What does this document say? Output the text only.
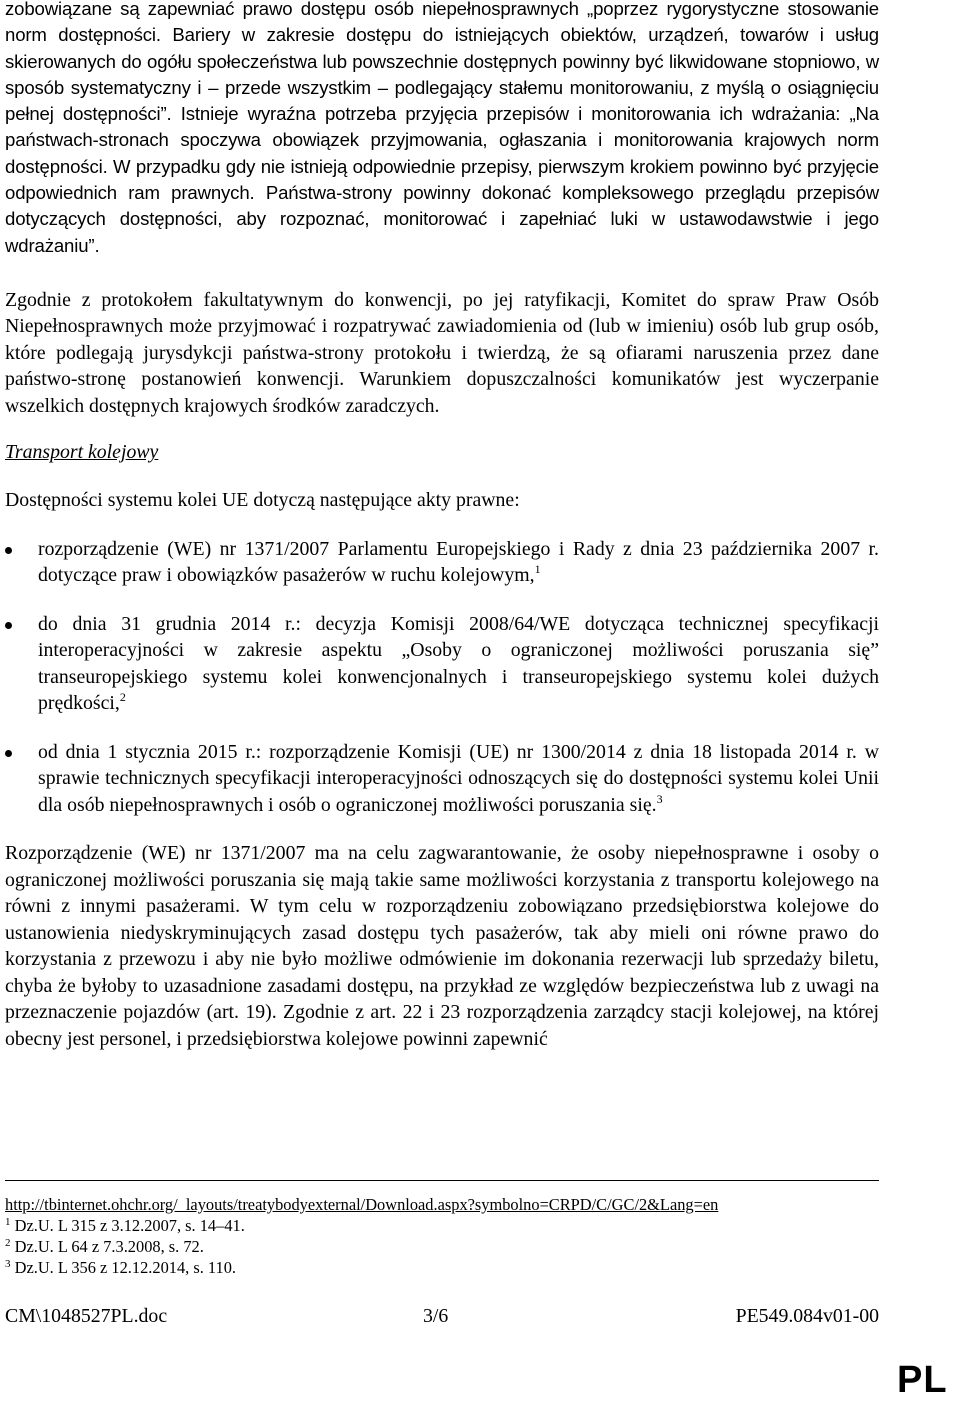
zobowiązane są zapewniać prawo dostępu osób niepełnosprawnych „poprzez rygorystyczne stosowanie norm dostępności. Bariery w zakresie dostępu do istniejących obiektów, urządzeń, towarów i usług skierowanych do ogółu społeczeństwa lub powszechnie dostępnych powinny być likwidowane stopniowo, w sposób systematyczny i – przede wszystkim – podlegający stałemu monitorowaniu, z myślą o osiągnięciu pełnej dostępności”. Istnieje wyraźna potrzeba przyjęcia przepisów i monitorowania ich wdrażania: „Na państwach-stronach spoczywa obowiązek przyjmowania, ogłaszania i monitorowania krajowych norm dostępności. W przypadku gdy nie istnieją odpowiednie przepisy, pierwszym krokiem powinno być przyjęcie odpowiednich ram prawnych. Państwa-strony powinny dokonać kompleksowego przeglądu przepisów dotyczących dostępności, aby rozpoznać, monitorować i zapełniać luki w ustawodawstwie i jego wdrażaniu”.

Zgodnie z protokołem fakultatywnym do konwencji, po jej ratyfikacji, Komitet do spraw Praw Osób Niepełnosprawnych może przyjmować i rozpatrywać zawiadomienia od (lub w imieniu) osób lub grup osób, które podlegają jurysdykcji państwa-strony protokołu i twierdzą, że są ofiarami naruszenia przez dane państwo-stronę postanowień konwencji. Warunkiem dopuszczalności komunikatów jest wyczerpanie wszelkich dostępnych krajowych środków zaradczych.

Transport kolejowy

Dostępności systemu kolei UE dotyczą następujące akty prawne:

rozporządzenie (WE) nr 1371/2007 Parlamentu Europejskiego i Rady z dnia 23 października 2007 r. dotyczące praw i obowiązków pasażerów w ruchu kolejowym,$^1$

do dnia 31 grudnia 2014 r.: decyzja Komisji 2008/64/WE dotycząca technicznej specyfikacji interoperacyjności w zakresie aspektu „Osoby o ograniczonej możliwości poruszania się” transeuropejskiego systemu kolei konwencjonalnych i transeuropejskiego systemu kolei dużych prędkości,$^2$

od dnia 1 stycznia 2015 r.: rozporządzenie Komisji (UE) nr 1300/2014 z dnia 18 listopada 2014 r. w sprawie technicznych specyfikacji interoperacyjności odnoszących się do dostępności systemu kolei Unii dla osób niepełnosprawnych i osób o ograniczonej możliwości poruszania się.$^3$

Rozporządzenie (WE) nr 1371/2007 ma na celu zagwarantowanie, że osoby niepełnosprawne i osoby o ograniczonej możliwości poruszania się mają takie same możliwości korzystania z transportu kolejowego na równi z innymi pasażerami. W tym celu w rozporządzeniu zobowiązano przedsiębiorstwa kolejowe do ustanowienia niedyskryminujących zasad dostępu tych pasażerów, tak aby mieli oni równe prawo do korzystania z przewozu i aby nie było możliwe odmówienie im dokonania rezerwacji lub sprzedaży biletu, chyba że byłoby to uzasadnione zasadami dostępu, na przykład ze względów bezpieczeństwa lub z uwagi na przeznaczenie pojazdów (art. 19). Zgodnie z art. 22 i 23 rozporządzenia zarządcy stacji kolejowej, na której obecny jest personel, i przedsiębiorstwa kolejowe powinni zapewnić

http://tbinternet.ohchr.org/_layouts/treatybodyexternal/Download.aspx?symbolno=CRPD/C/GC/2&Lang=en
$^1$ Dz.U. L 315 z 3.12.2007, s. 14–41.
$^2$ Dz.U. L 64 z 7.3.2008, s. 72.
$^3$ Dz.U. L 356 z 12.12.2014, s. 110.
CM\1048527PL.doc	3/6	PE549.084v01-00
PL
